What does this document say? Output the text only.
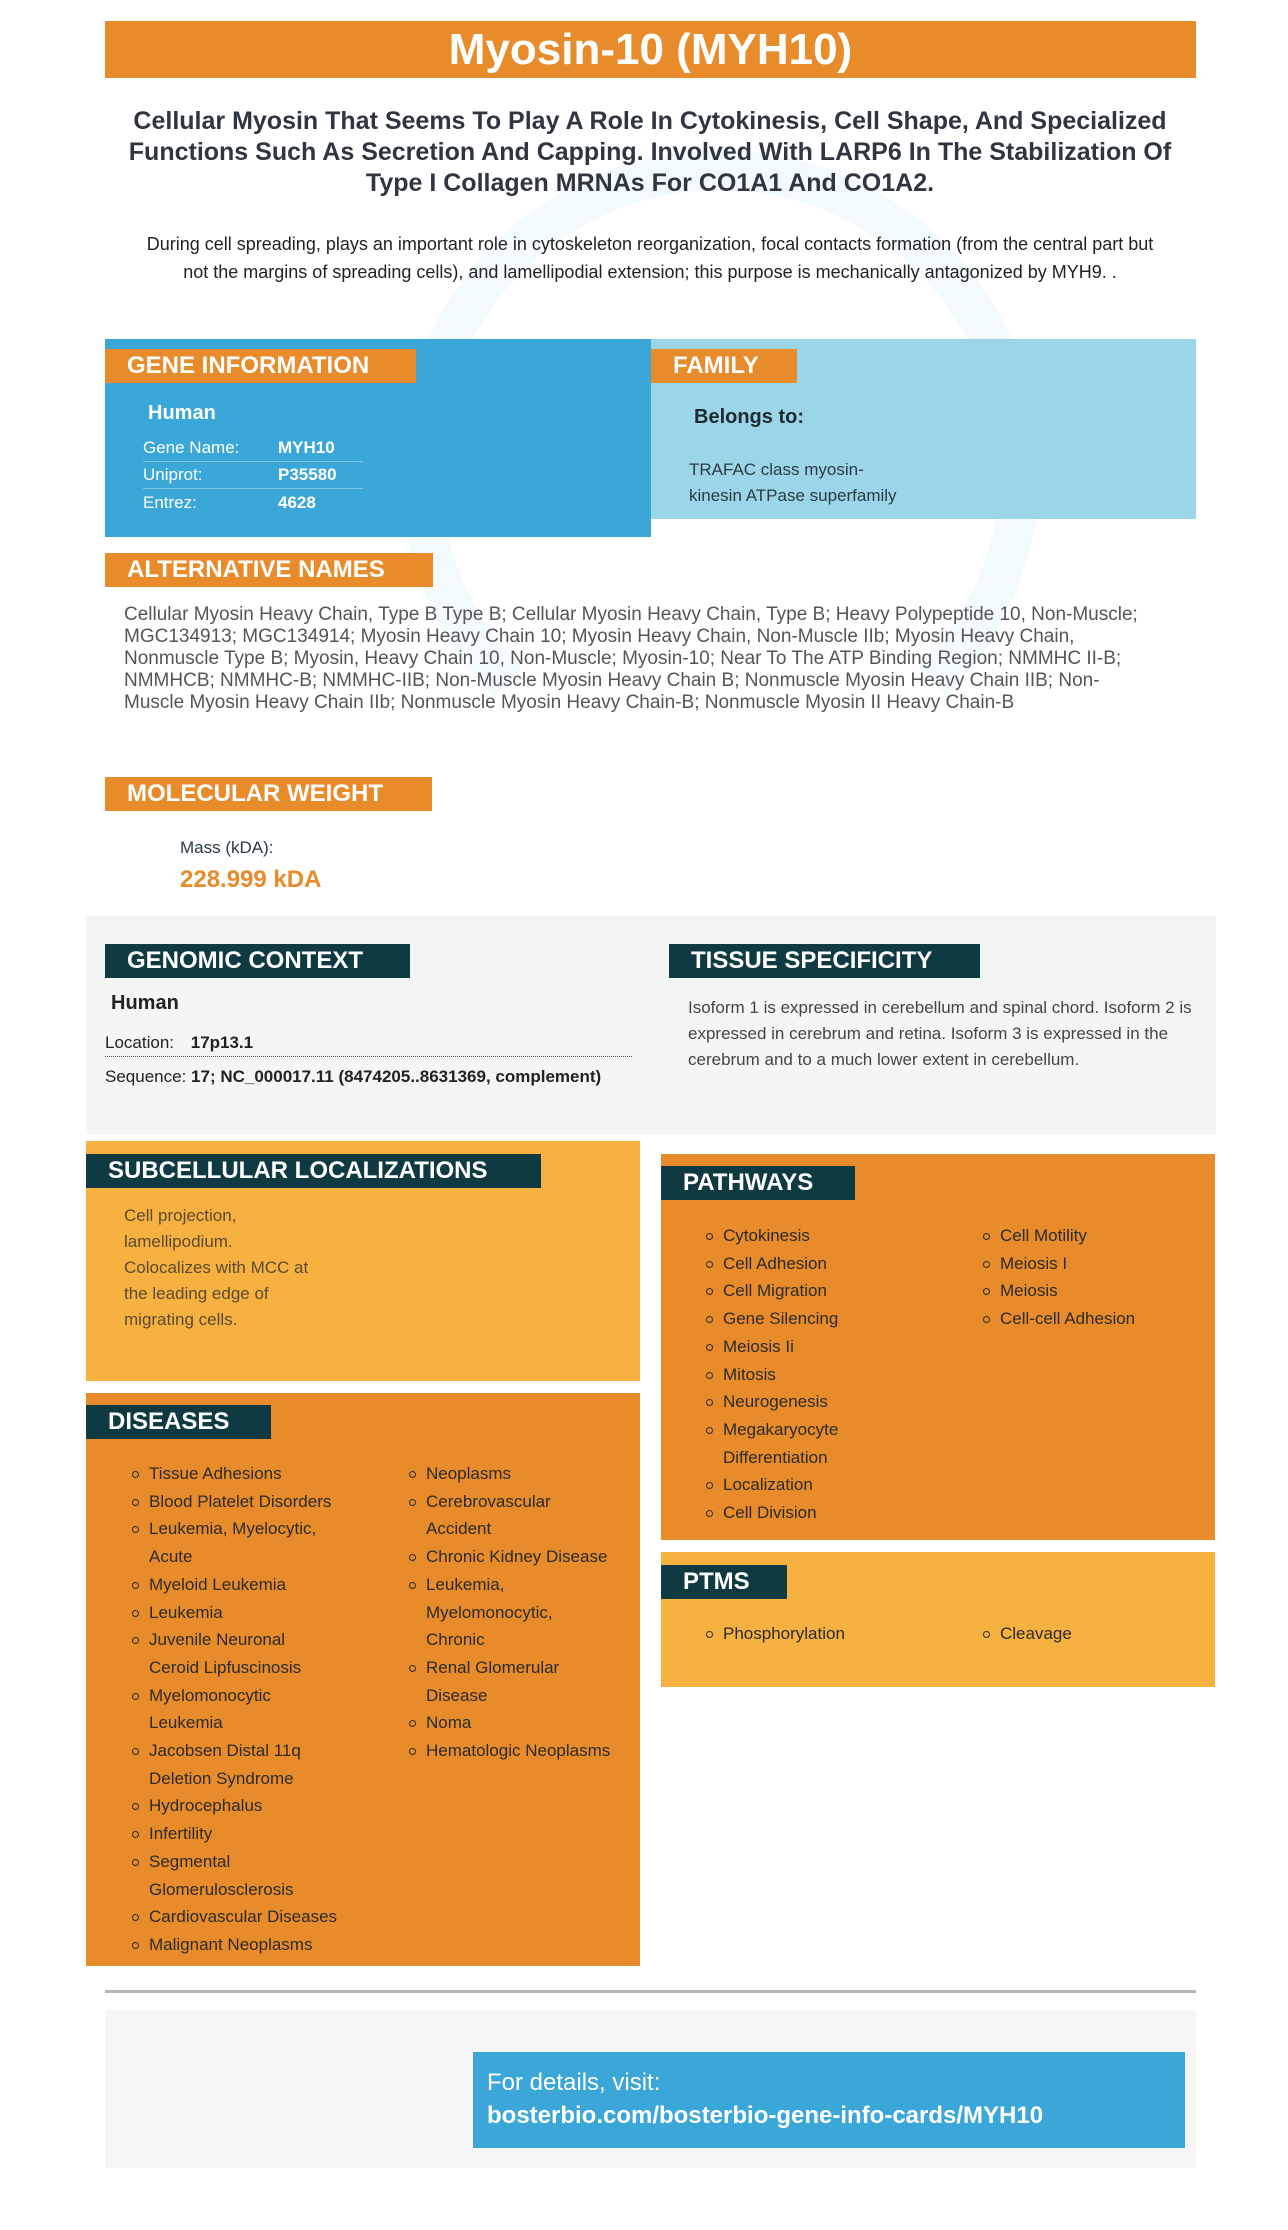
Myosin-10 (MYH10)
Cellular Myosin That Seems To Play A Role In Cytokinesis, Cell Shape, And Specialized Functions Such As Secretion And Capping. Involved With LARP6 In The Stabilization Of Type I Collagen MRNAs For CO1A1 And CO1A2.
During cell spreading, plays an important role in cytoskeleton reorganization, focal contacts formation (from the central part but not the margins of spreading cells), and lamellipodial extension; this purpose is mechanically antagonized by MYH9. .
GENE INFORMATION
Human
Gene Name: MYH10
Uniprot:	P35580
Entrez:	4628
FAMILY
Belongs to:
TRAFAC class myosin-
kinesin ATPase superfamily
ALTERNATIVE NAMES
Cellular Myosin Heavy Chain, Type B Type B; Cellular Myosin Heavy Chain, Type B; Heavy Polypeptide 10, Non-Muscle; MGC134913; MGC134914; Myosin Heavy Chain 10; Myosin Heavy Chain, Non-Muscle IIb; Myosin Heavy Chain, Nonmuscle Type B; Myosin, Heavy Chain 10, Non-Muscle; Myosin-10; Near To The ATP Binding Region; NMMHC II-B; NMMHCB; NMMHC-B; NMMHC-IIB; Non-Muscle Myosin Heavy Chain B; Nonmuscle Myosin Heavy Chain IIB; Non-Muscle Myosin Heavy Chain IIb; Nonmuscle Myosin Heavy Chain-B; Nonmuscle Myosin II Heavy Chain-B
MOLECULAR WEIGHT
Mass (kDA):
228.999 kDA
GENOMIC CONTEXT
Human
Location: 17p13.1
Sequence: 17; NC_000017.11 (8474205..8631369, complement)
TISSUE SPECIFICITY
Isoform 1 is expressed in cerebellum and spinal chord. Isoform 2 is expressed in cerebrum and retina. Isoform 3 is expressed in the cerebrum and to a much lower extent in cerebellum.
SUBCELLULAR LOCALIZATIONS
Cell projection,
lamellipodium.
Colocalizes with MCC at
the leading edge of
migrating cells.
PATHWAYS
Cytokinesis
Cell Adhesion
Cell Migration
Gene Silencing
Meiosis Ii
Mitosis
Neurogenesis
Megakaryocyte Differentiation
Localization
Cell Division
Cell Motility
Meiosis I
Meiosis
Cell-cell Adhesion
PTMS
Phosphorylation	Cleavage
DISEASES
Tissue Adhesions
Blood Platelet Disorders
Leukemia, Myelocytic, Acute
Myeloid Leukemia
Leukemia
Juvenile Neuronal Ceroid Lipfuscinosis
Myelomonocytic Leukemia
Jacobsen Distal 11q Deletion Syndrome
Hydrocephalus
Infertility
Segmental Glomerulosclerosis
Cardiovascular Diseases
Malignant Neoplasms
Neoplasms
Cerebrovascular Accident
Chronic Kidney Disease
Leukemia, Myelomonocytic, Chronic
Renal Glomerular Disease
Noma
Hematologic Neoplasms
For details, visit:
bosterbio.com/bosterbio-gene-info-cards/MYH10
